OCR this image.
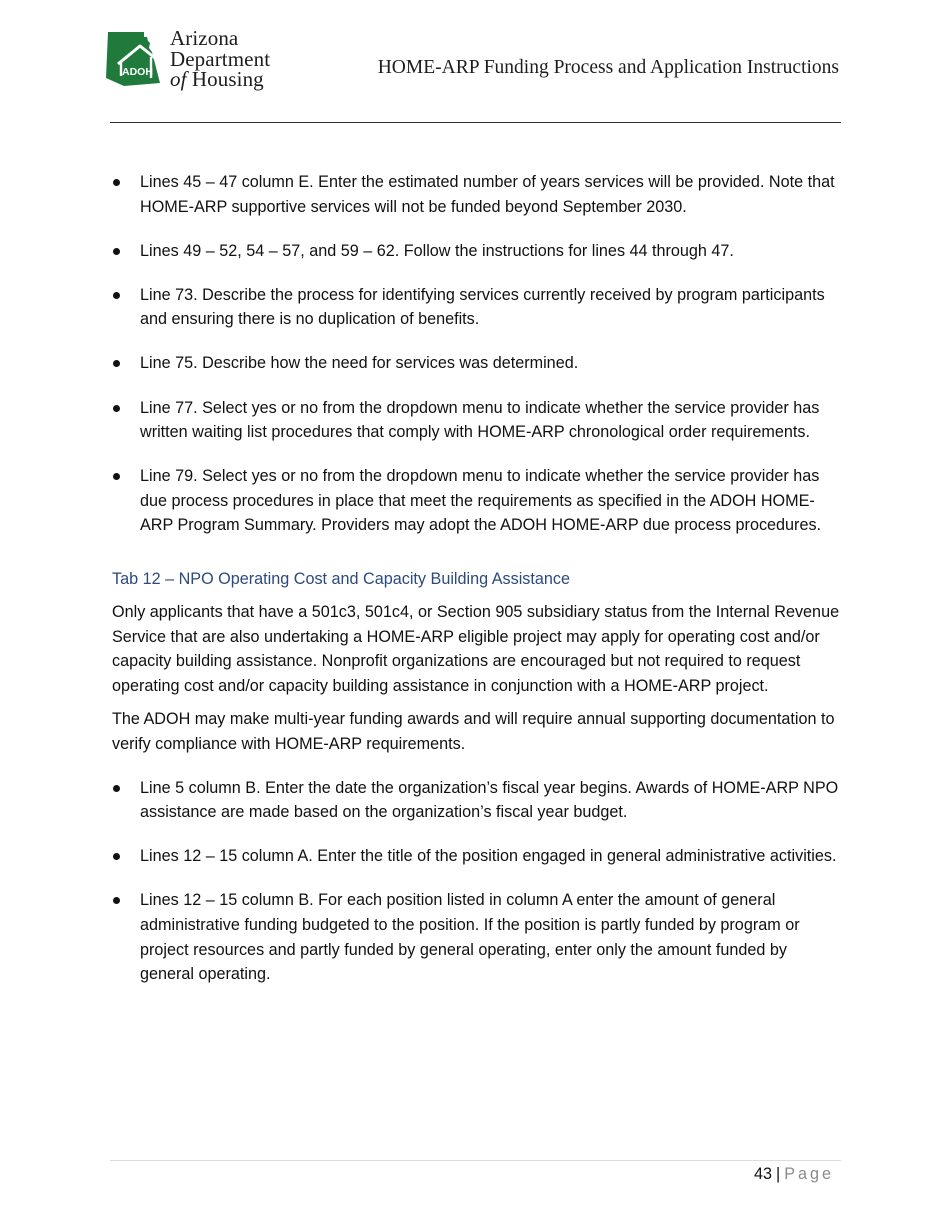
ADOH
Arizona
Department
of Housing	HOME-ARP Funding Process and Application Instructions
Lines 45 – 47 column E. Enter the estimated number of years services will be provided. Note that HOME-ARP supportive services will not be funded beyond September 2030.
Lines 49 – 52, 54 – 57, and 59 – 62. Follow the instructions for lines 44 through 47.
Line 73. Describe the process for identifying services currently received by program participants and ensuring there is no duplication of benefits.
Line 75. Describe how the need for services was determined.
Line 77. Select yes or no from the dropdown menu to indicate whether the service provider has written waiting list procedures that comply with HOME-ARP chronological order requirements.
Line 79. Select yes or no from the dropdown menu to indicate whether the service provider has due process procedures in place that meet the requirements as specified in the ADOH HOME-ARP Program Summary. Providers may adopt the ADOH HOME-ARP due process procedures.
Tab 12 – NPO Operating Cost and Capacity Building Assistance

Only applicants that have a 501c3, 501c4, or Section 905 subsidiary status from the Internal Revenue Service that are also undertaking a HOME-ARP eligible project may apply for operating cost and/or capacity building assistance. Nonprofit organizations are encouraged but not required to request operating cost and/or capacity building assistance in conjunction with a HOME-ARP project.

The ADOH may make multi-year funding awards and will require annual supporting documentation to verify compliance with HOME-ARP requirements.

Line 5 column B. Enter the date the organization’s fiscal year begins. Awards of HOME-ARP NPO assistance are made based on the organization’s fiscal year budget.
Lines 12 – 15 column A. Enter the title of the position engaged in general administrative activities.
Lines 12 – 15 column B. For each position listed in column A enter the amount of general administrative funding budgeted to the position. If the position is partly funded by program or project resources and partly funded by general operating, enter only the amount funded by general operating.
43 | Page
